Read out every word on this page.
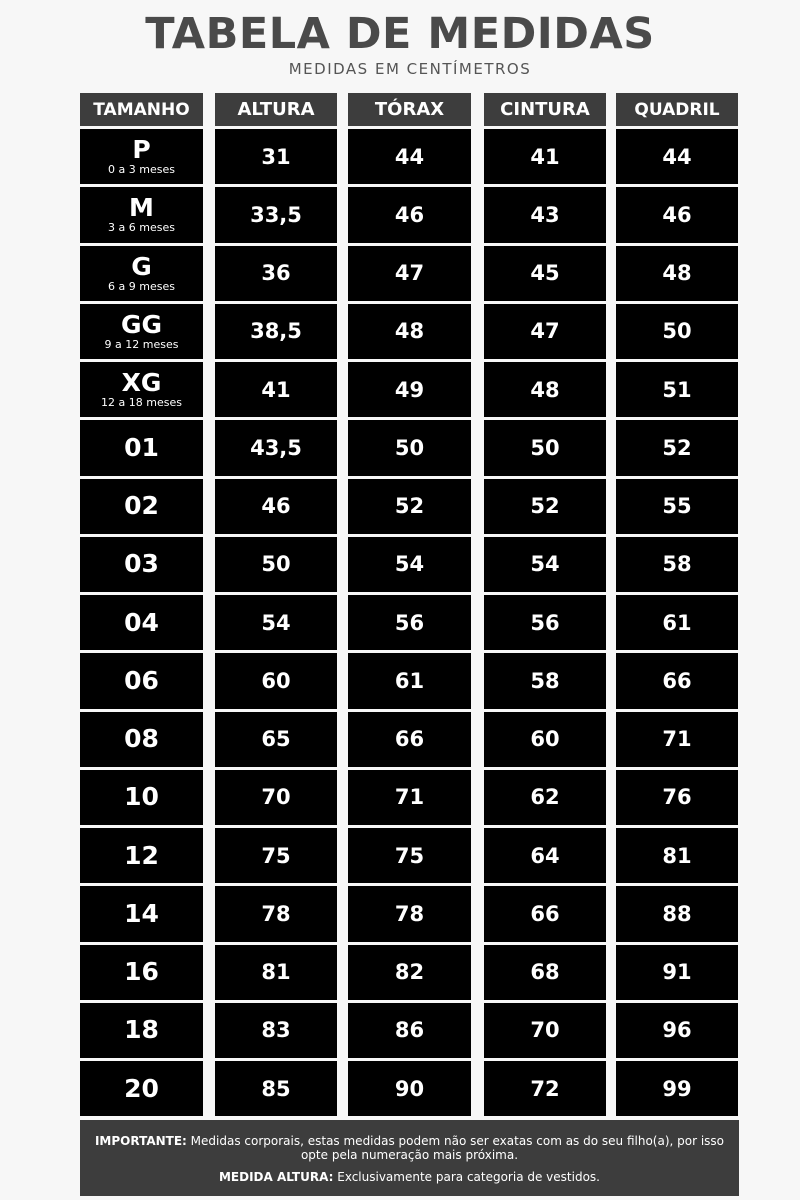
TABELA DE MEDIDAS
MEDIDAS EM CENTÍMETROS
TAMANHO	ALTURA	TÓRAX	CINTURA	QUADRIL
P
0 a 3 meses
31	44	41	44
M
3 a 6 meses
33,5	46	43	46
G
6 a 9 meses
36	47	45	48
GG
9 a 12 meses
38,5	48	47	50
XG
12 a 18 meses
41	49	48	51
01	43,5	50	50	52
02	46	52	52	55
03	50	54	54	58
04	54	56	56	61
06	60	61	58	66
08	65	66	60	71
10	70	71	62	76
12	75	75	64	81
14	78	78	66	88
16	81	82	68	91
18	83	86	70	96
20	85	90	72	99
IMPORTANTE: Medidas corporais, estas medidas podem não ser exatas com as do seu filho(a), por isso opte pela numeração mais próxima.
MEDIDA ALTURA: Exclusivamente para categoria de vestidos.
